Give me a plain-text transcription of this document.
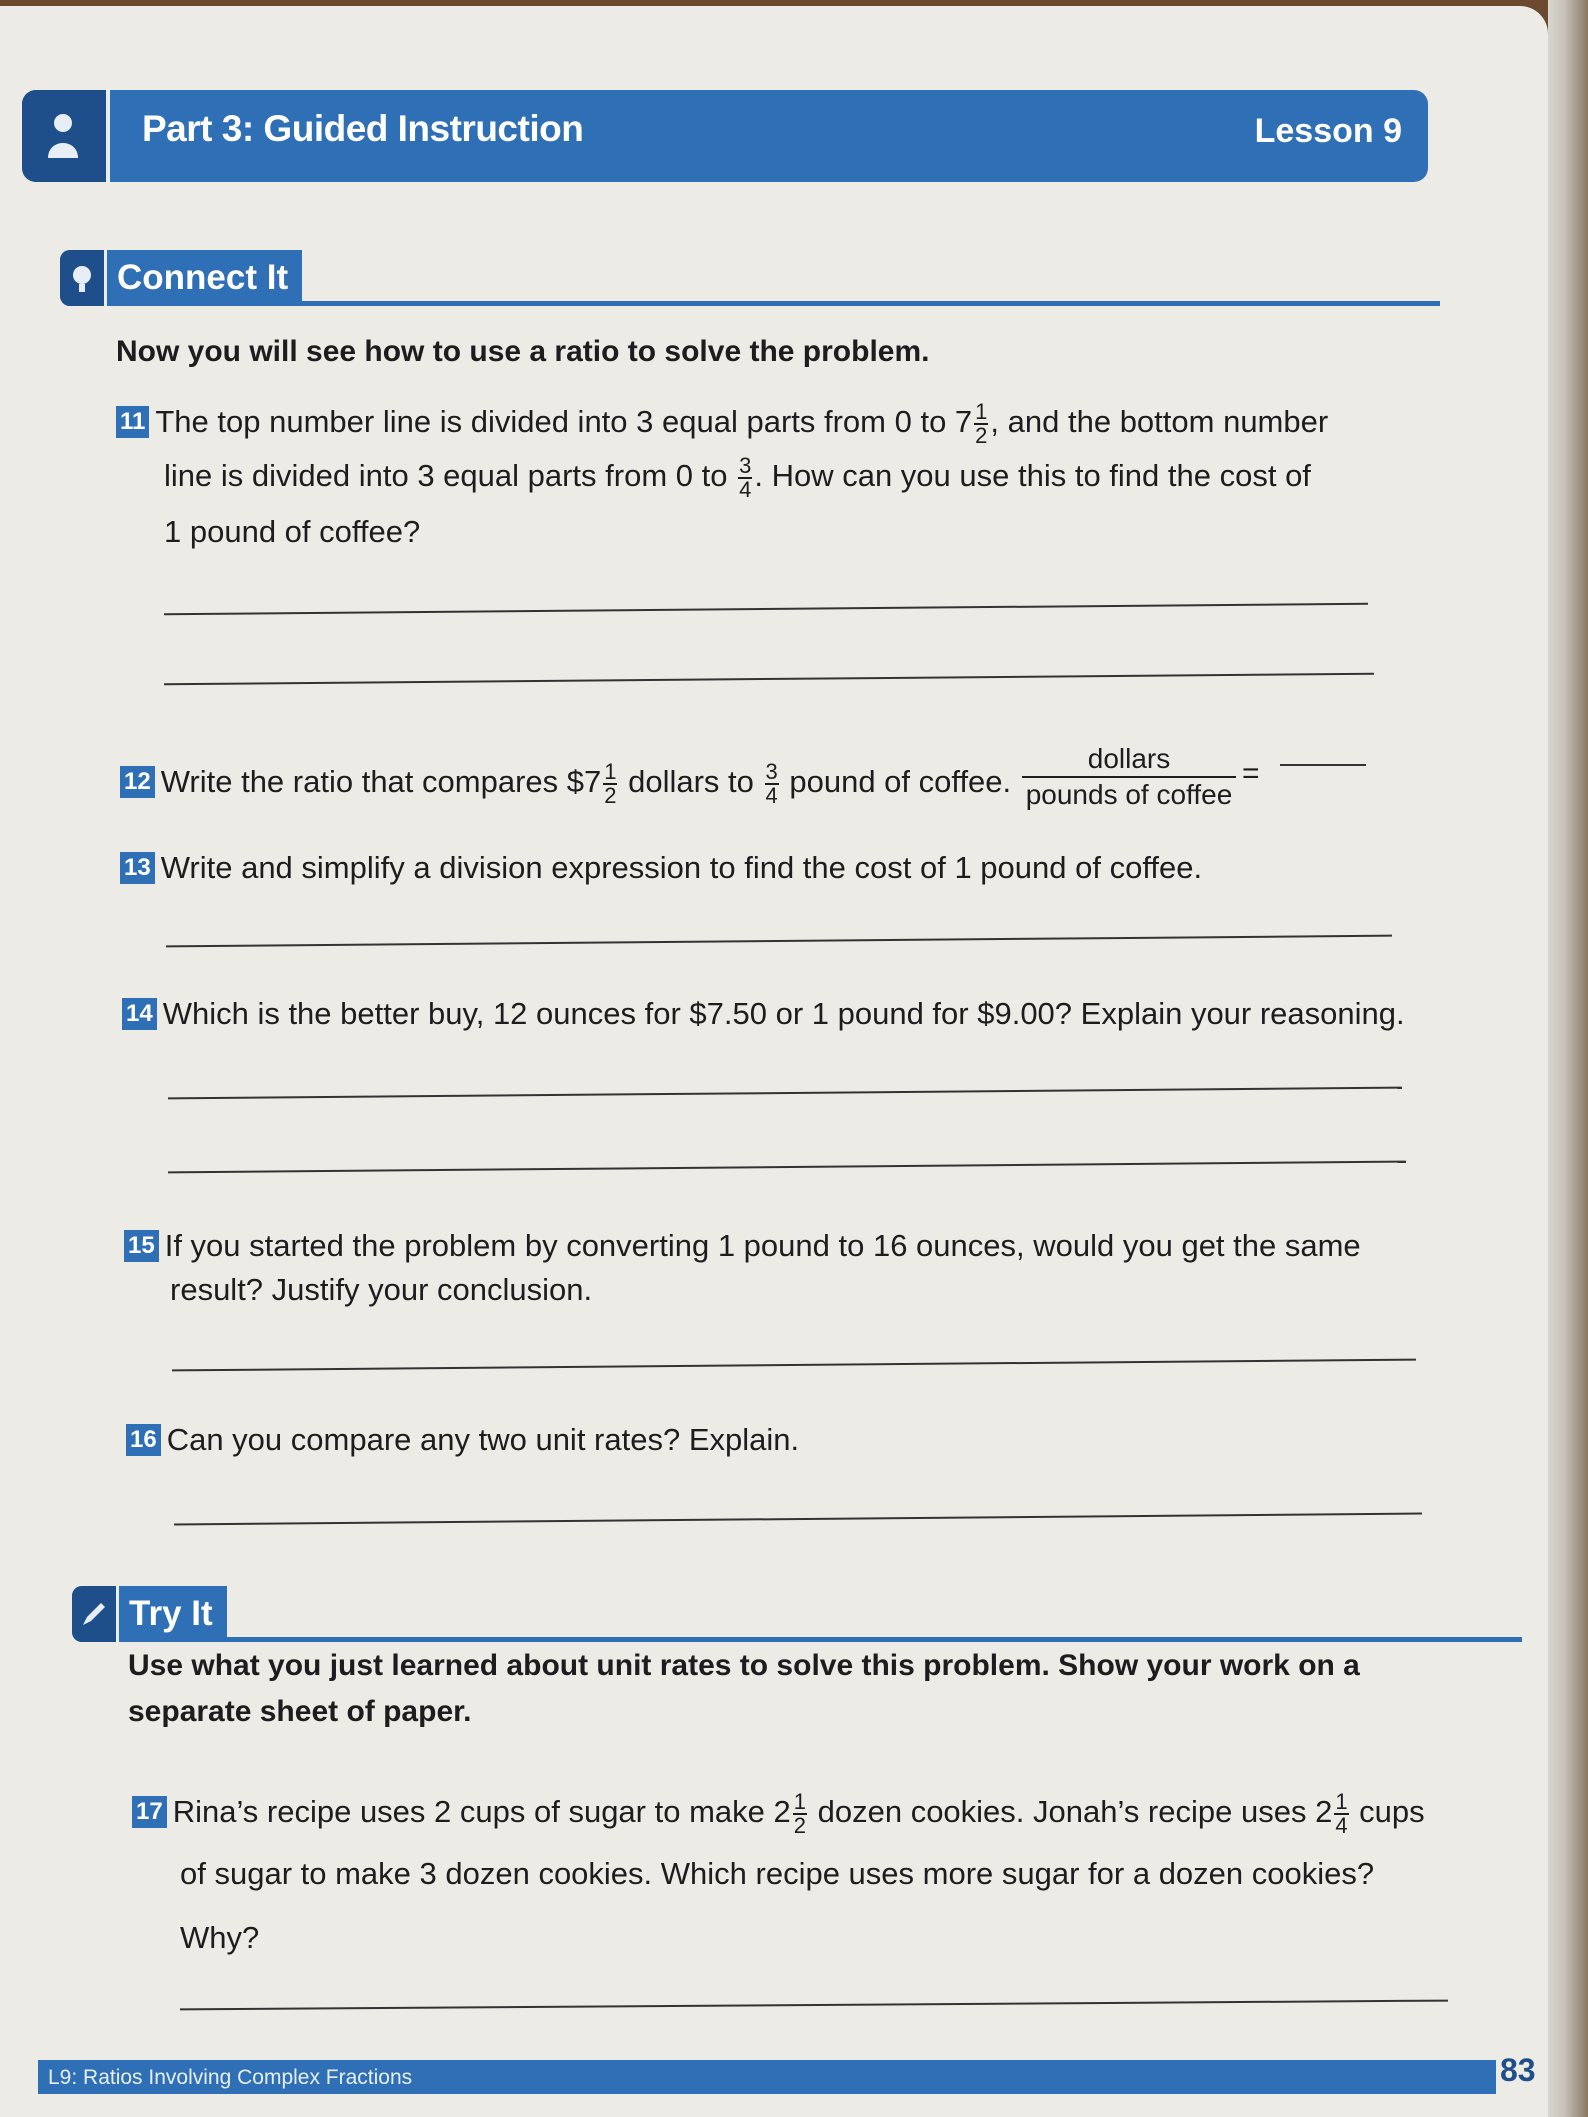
Part 3: Guided Instruction	Lesson 9
Connect It
Now you will see how to use a ratio to solve the problem.
11 The top number line is divided into 3 equal parts from 0 to $7 \frac{1}{2}$ , and the bottom number
line is divided into 3 equal parts from 0 to $\frac{3}{4}$ . How can you use this to find the cost of
1 pound of coffee?
12 Write the ratio that compares $7 $\frac{1}{2}$ dollars to $\frac{3}{4}$ pound of coffee.
dollars
pounds of coffee
=
13 Write and simplify a division expression to find the cost of 1 pound of coffee.
14 Which is the better buy, 12 ounces for $7.50 or 1 pound for $9.00? Explain your reasoning.
15 If you started the problem by converting 1 pound to 16 ounces, would you get the same
result? Justify your conclusion.
16 Can you compare any two unit rates? Explain.
Try It
Use what you just learned about unit rates to solve this problem. Show your work on a
separate sheet of paper.
17 Rina’s recipe uses 2 cups of sugar to make $2 \frac{1}{2}$ dozen cookies. Jonah’s recipe uses $2 \frac{1}{4}$ cups
of sugar to make 3 dozen cookies. Which recipe uses more sugar for a dozen cookies?
Why?
L9: Ratios Involving Complex Fractions	83
